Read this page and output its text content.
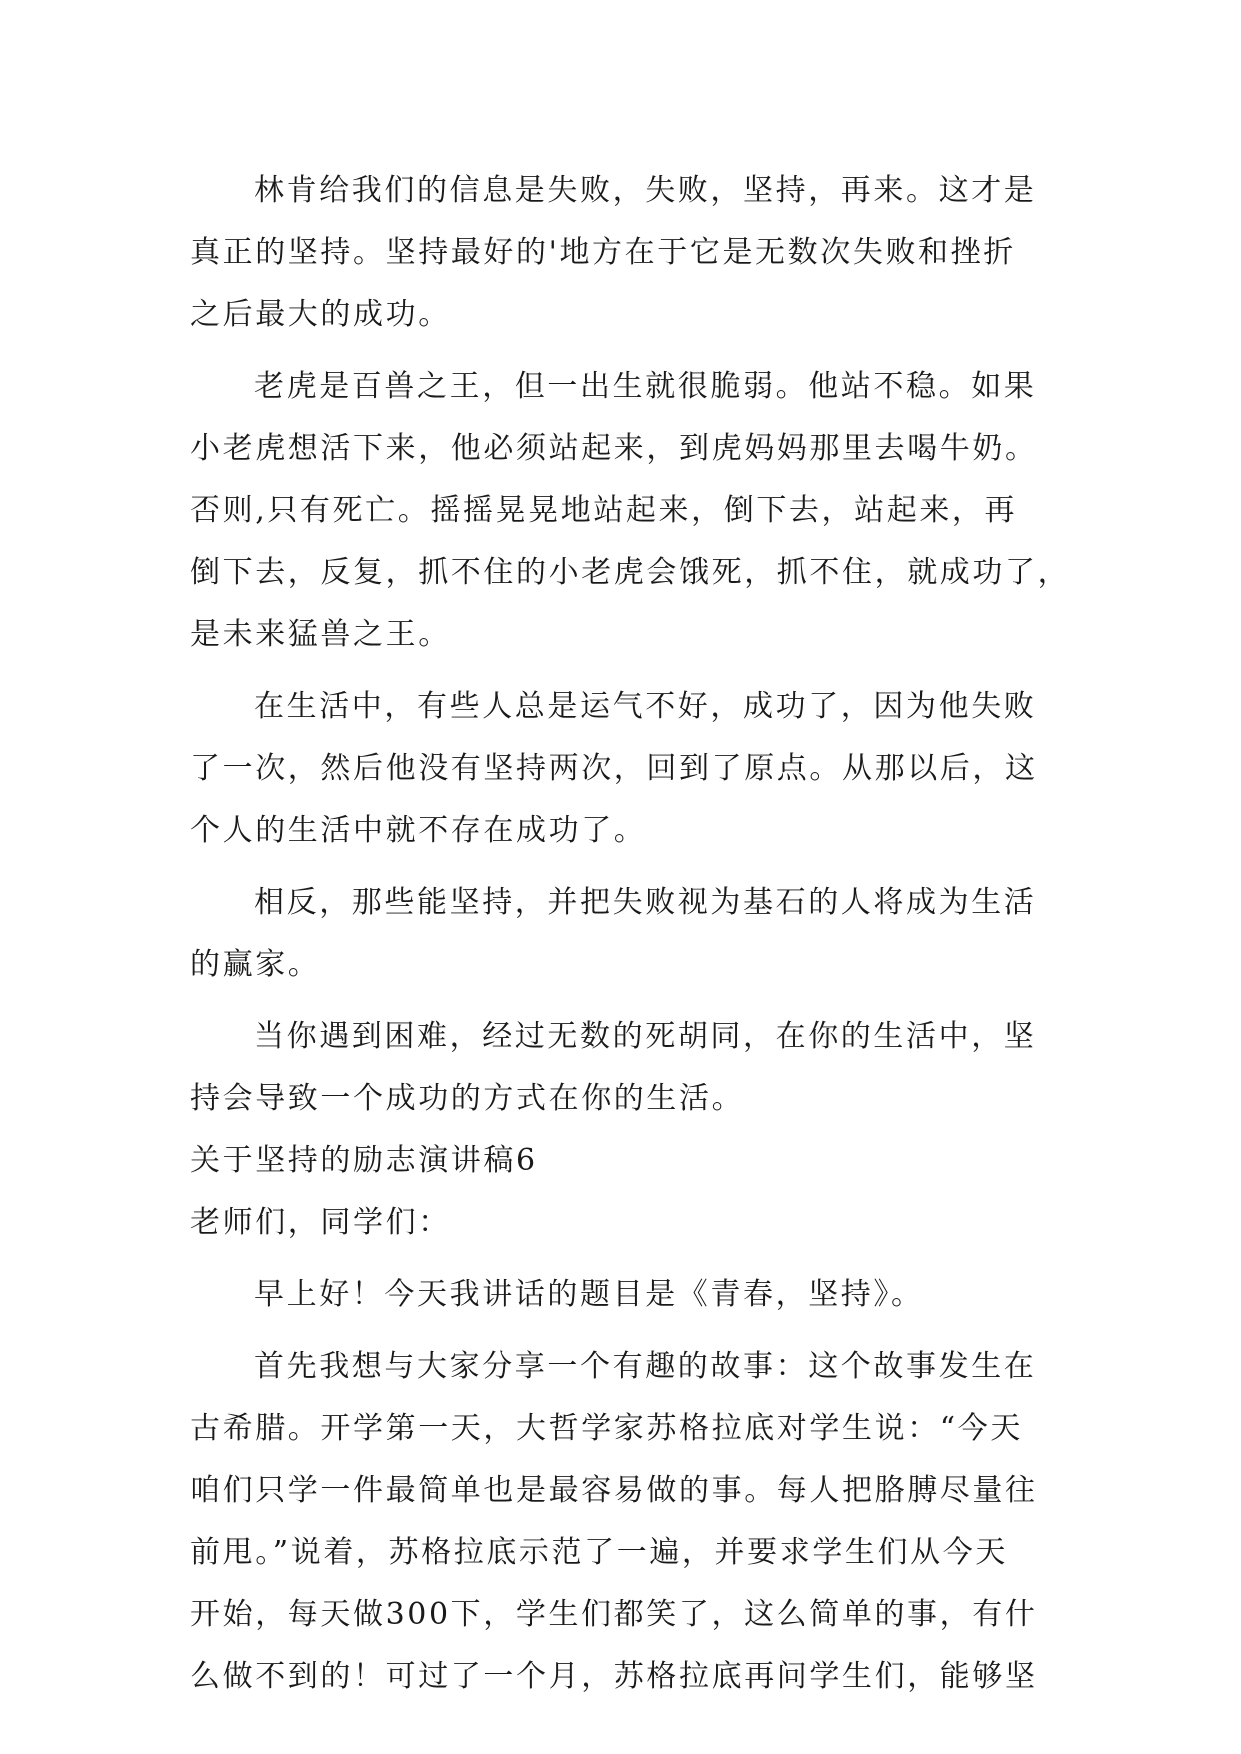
林肯给我们的信息是失败，失败，坚持，再来。这才是
真正的坚持。坚持最好的'地方在于它是无数次失败和挫折
之后最大的成功。
老虎是百兽之王，但一出生就很脆弱。他站不稳。如果
小老虎想活下来，他必须站起来，到虎妈妈那里去喝牛奶。
否则,只有死亡。摇摇晃晃地站起来，倒下去，站起来，再
倒下去，反复，抓不住的小老虎会饿死，抓不住，就成功了，
是未来猛兽之王。
在生活中，有些人总是运气不好，成功了，因为他失败
了一次，然后他没有坚持两次，回到了原点。从那以后，这
个人的生活中就不存在成功了。
相反，那些能坚持，并把失败视为基石的人将成为生活
的赢家。
当你遇到困难，经过无数的死胡同，在你的生活中，坚
持会导致一个成功的方式在你的生活。
关于坚持的励志演讲稿6
老师们，同学们：
早上好！今天我讲话的题目是《青春，坚持》。
首先我想与大家分享一个有趣的故事：这个故事发生在
古希腊。开学第一天，大哲学家苏格拉底对学生说：“今天
咱们只学一件最简单也是最容易做的事。每人把胳膊尽量往
前甩。”说着，苏格拉底示范了一遍，并要求学生们从今天
开始，每天做300下，学生们都笑了，这么简单的事，有什
么做不到的！可过了一个月，苏格拉底再问学生们，能够坚
